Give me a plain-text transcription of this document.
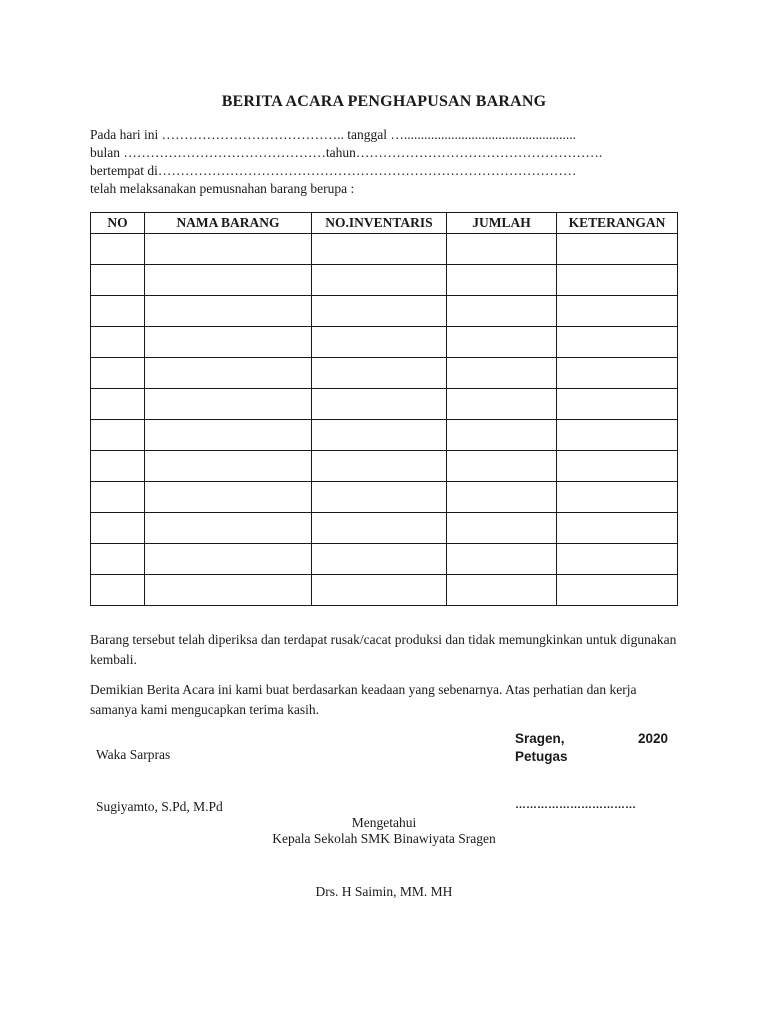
BERITA ACARA PENGHAPUSAN BARANG
Pada hari ini ………………………………….. tanggal …...................................................
bulan ………………………………………tahun……………………………………………….
bertempat di…………………………………………………………………………………
telah melaksanakan pemusnahan barang berupa :
NO	NAMA BARANG	NO.INVENTARIS	JUMLAH	KETERANGAN

Barang tersebut telah diperiksa dan terdapat rusak/cacat produksi dan tidak memungkinkan untuk digunakan kembali.
Demikian Berita Acara ini kami buat berdasarkan keadaan yang sebenarnya. Atas perhatian dan kerja samanya kami mengucapkan terima kasih.
Sragen,	2020
Petugas
Waka Sarpras
Sugiyamto, S.Pd, M.Pd	……………………………
Mengetahui
Kepala Sekolah SMK Binawiyata Sragen
Drs. H Saimin, MM. MH
